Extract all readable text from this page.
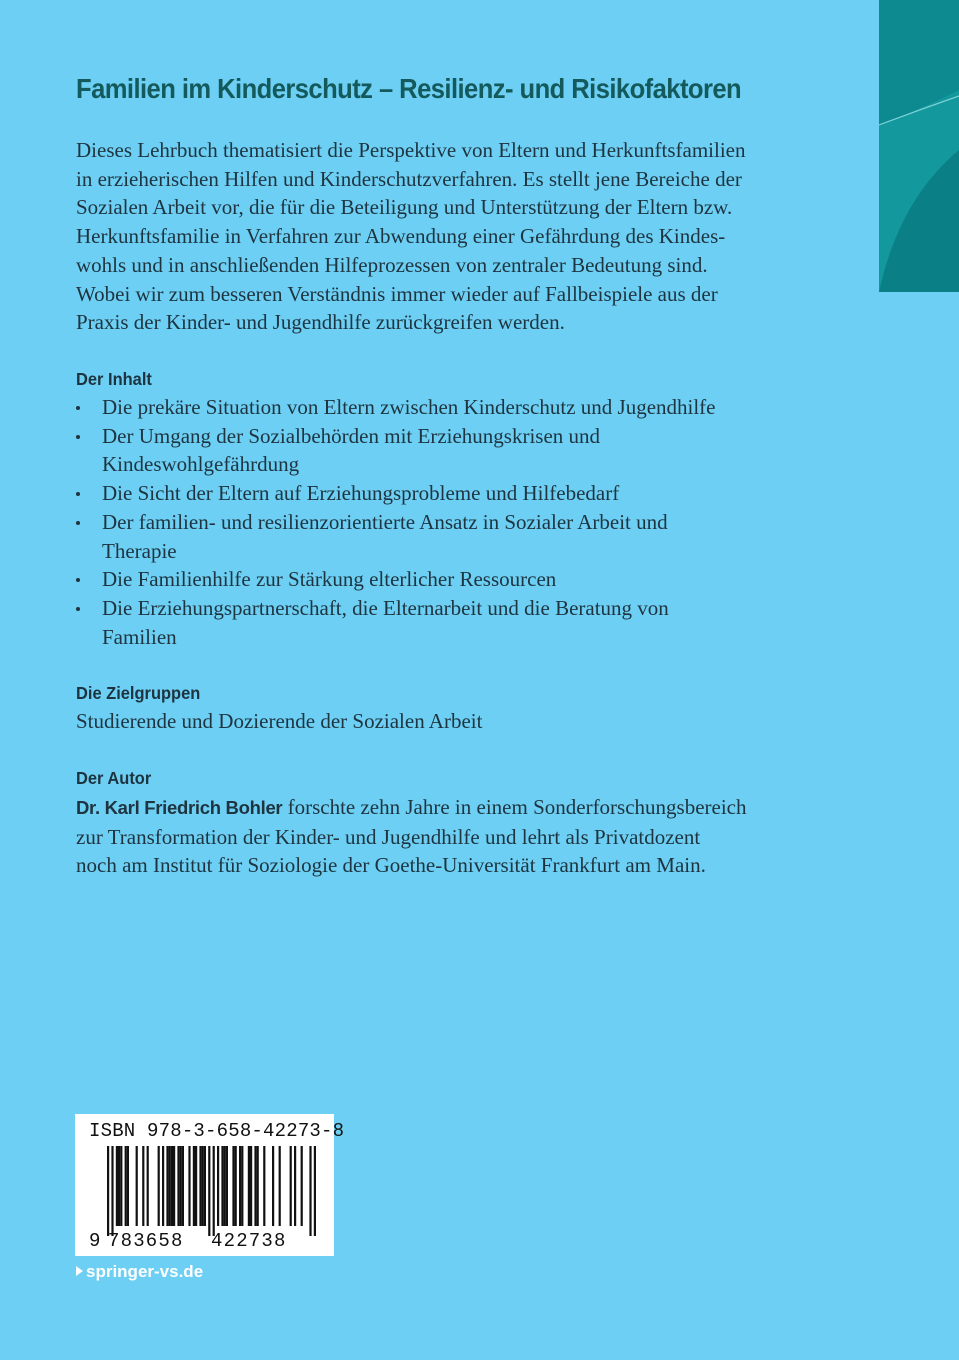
Familien im Kinderschutz – Resilienz- und Risikofaktoren
Dieses Lehrbuch thematisiert die Perspektive von Eltern und Herkunftsfamilien
in erzieherischen Hilfen und Kinderschutzverfahren. Es stellt jene Bereiche der
Sozialen Arbeit vor, die für die Beteiligung und Unterstützung der Eltern bzw.
Herkunftsfamilie in Verfahren zur Abwendung einer Gefährdung des Kindes-
wohls und in anschließenden Hilfeprozessen von zentraler Bedeutung sind.
Wobei wir zum besseren Verständnis immer wieder auf Fallbeispiele aus der
Praxis der Kinder- und Jugendhilfe zurückgreifen werden.
Der Inhalt
Die prekäre Situation von Eltern zwischen Kinderschutz und Jugendhilfe
Der Umgang der Sozialbehörden mit Erziehungskrisen und
Kindeswohlgefährdung
Die Sicht der Eltern auf Erziehungsprobleme und Hilfebedarf
Der familien- und resilienzorientierte Ansatz in Sozialer Arbeit und
Therapie
Die Familienhilfe zur Stärkung elterlicher Ressourcen
Die Erziehungspartnerschaft, die Elternarbeit und die Beratung von
Familien
Die Zielgruppen
Studierende und Dozierende der Sozialen Arbeit
Der Autor
Dr. Karl Friedrich Bohler forschte zehn Jahre in einem Sonderforschungsbereich
zur Transformation der Kinder- und Jugendhilfe und lehrt als Privatdozent
noch am Institut für Soziologie der Goethe-Universität Frankfurt am Main.
ISBN 978-3-658-42273-8
9 783658 422738
springer-vs.de
